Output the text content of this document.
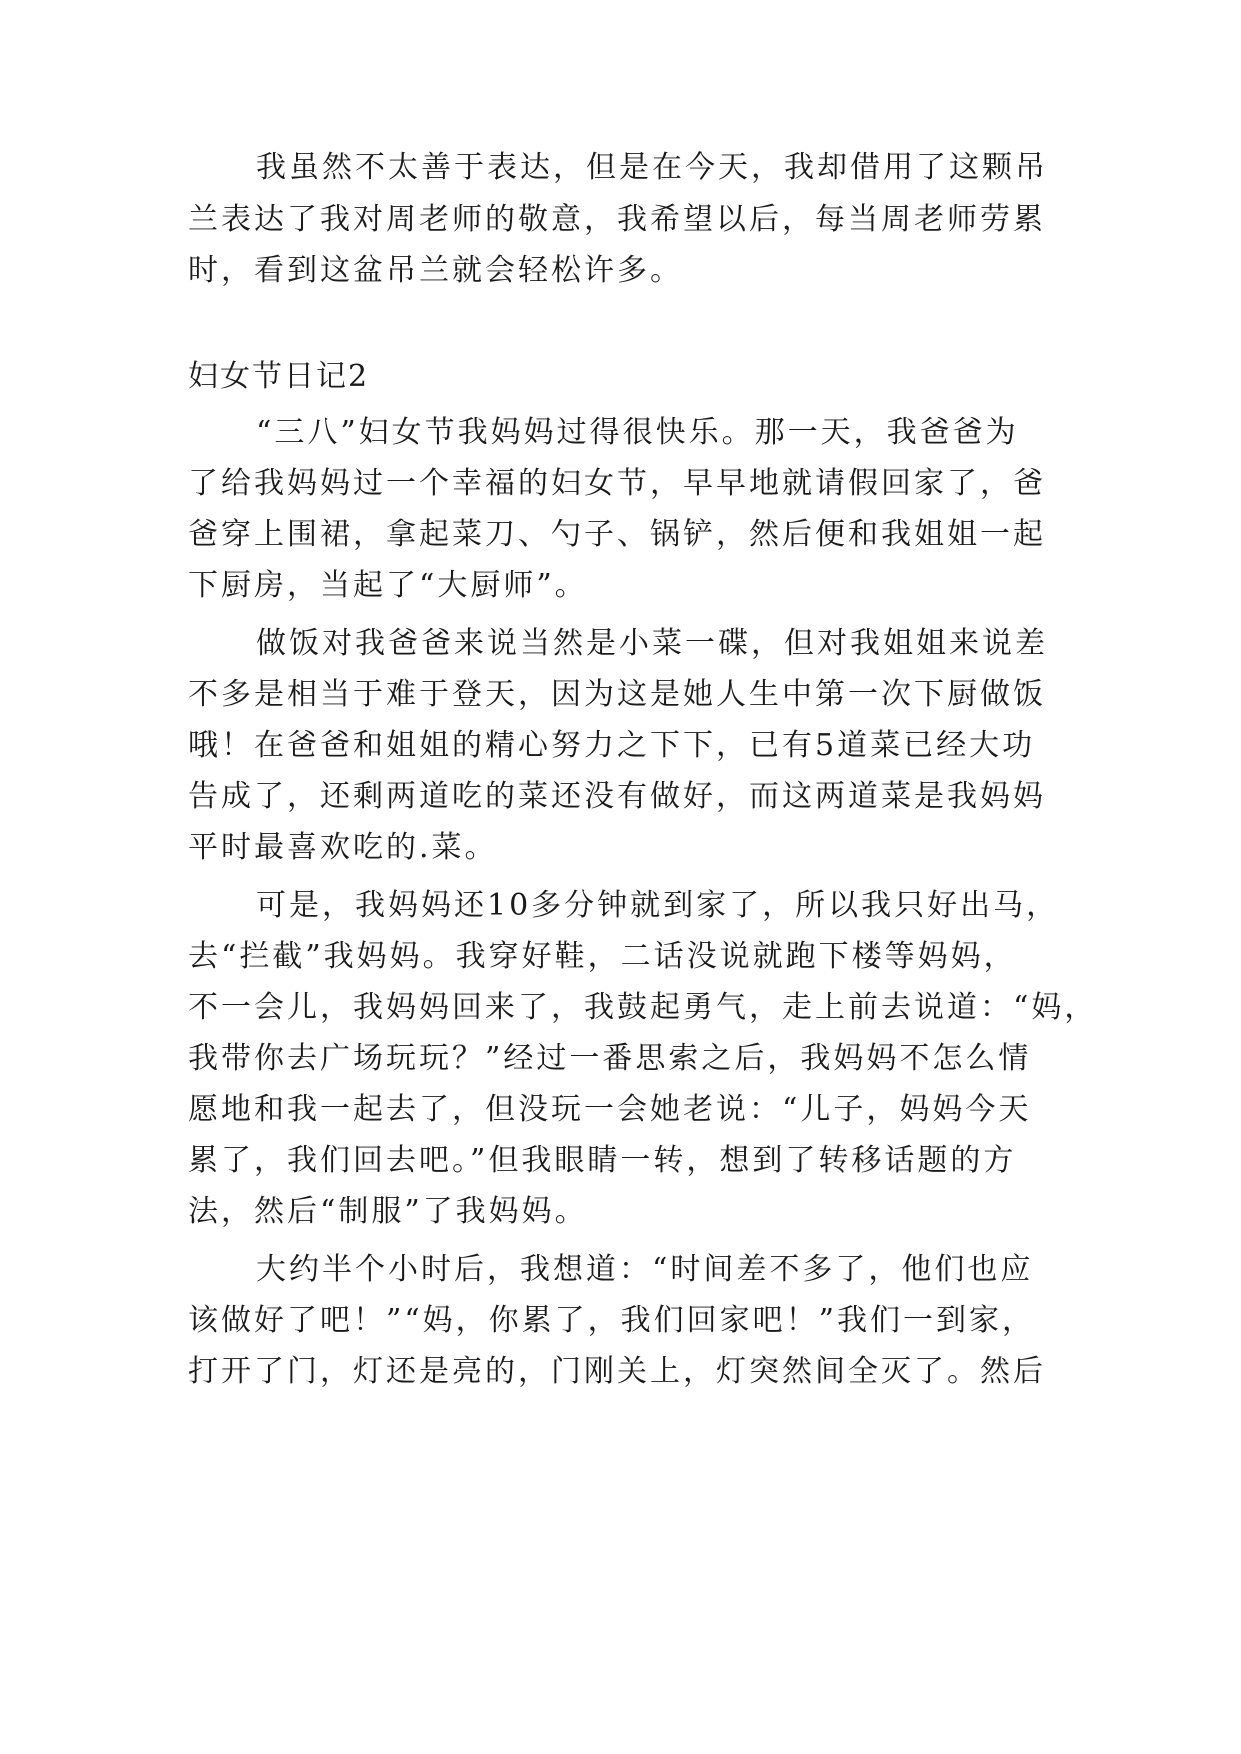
我虽然不太善于表达，但是在今天，我却借用了这颗吊
兰表达了我对周老师的敬意，我希望以后，每当周老师劳累
时，看到这盆吊兰就会轻松许多。
妇女节日记2
“三八”妇女节我妈妈过得很快乐。那一天，我爸爸为
了给我妈妈过一个幸福的妇女节，早早地就请假回家了，爸
爸穿上围裙，拿起菜刀、勺子、锅铲，然后便和我姐姐一起
下厨房，当起了“大厨师”。
做饭对我爸爸来说当然是小菜一碟，但对我姐姐来说差
不多是相当于难于登天，因为这是她人生中第一次下厨做饭
哦！在爸爸和姐姐的精心努力之下下，已有5道菜已经大功
告成了，还剩两道吃的菜还没有做好，而这两道菜是我妈妈
平时最喜欢吃的.菜。
可是，我妈妈还10多分钟就到家了，所以我只好出马，
去“拦截”我妈妈。我穿好鞋，二话没说就跑下楼等妈妈，
不一会儿，我妈妈回来了，我鼓起勇气，走上前去说道：“妈，
我带你去广场玩玩？”经过一番思索之后，我妈妈不怎么情
愿地和我一起去了，但没玩一会她老说：“儿子，妈妈今天
累了，我们回去吧。”但我眼睛一转，想到了转移话题的方
法，然后“制服”了我妈妈。
大约半个小时后，我想道：“时间差不多了，他们也应
该做好了吧！”“妈，你累了，我们回家吧！”我们一到家，
打开了门，灯还是亮的，门刚关上，灯突然间全灭了。然后
